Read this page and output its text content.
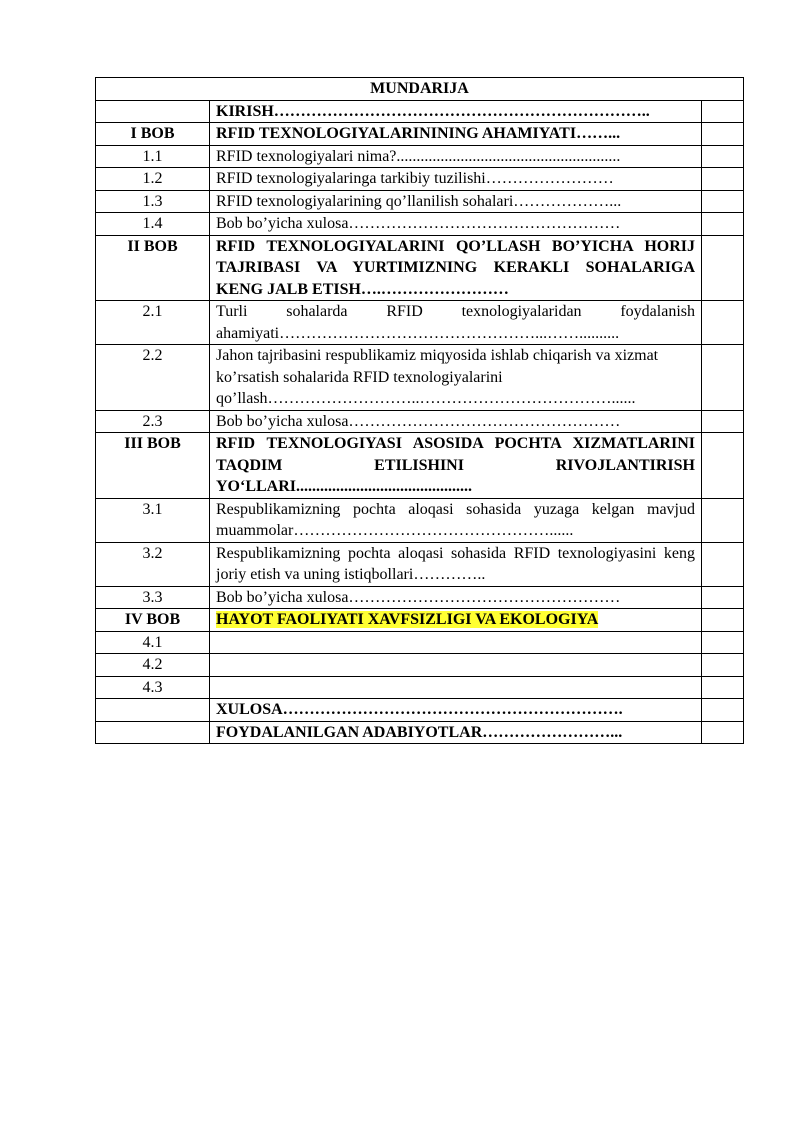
MUNDARIJA		
	KIRISH……………………………………………………………..	
I BOB	RFID TEXNOLOGIYALARININING AHAMIYATI……...	
1.1	RFID texnologiyalari nima?........................................................	
1.2	RFID texnologiyalaringa tarkibiy tuzilishi……………………	
1.3	RFID texnologiyalarining qo’llanilish sohalari………………...	
1.4	Bob bo’yicha xulosa……………………………………………	
II BOB	RFID TEXNOLOGIYALARINI QO’LLASH BO’YICHA HORIJ TAJRIBASI VA YURTIMIZNING KERAKLI SOHALARIGA KENG JALB ETISH….……………………	
2.1	Turli sohalarda RFID texnologiyalaridan foydalanish ahamiyati…………………………………………...……..........	
2.2	Jahon tajribasini respublikamiz miqyosida ishlab chiqarish va xizmat ko’rsatish sohalarida RFID texnologiyalarini qo’llash………………………..………………………………......	
2.3	Bob bo’yicha xulosa……………………………………………	
III BOB	RFID TEXNOLOGIYASI ASOSIDA POCHTA XIZMATLARINI TAQDIM ETILISHINI RIVOJLANTIRISH YO‘LLARI............................................	
3.1	Respublikamizning pochta aloqasi sohasida yuzaga kelgan mavjud muammolar…………………………………………......	
3.2	Respublikamizning pochta aloqasi sohasida RFID texnologiyasini keng joriy etish va uning istiqbollari…………..	
3.3	Bob bo’yicha xulosa……………………………………………	
IV BOB	HAYOT FAOLIYATI XAVFSIZLIGI VA EKOLOGIYA	
4.1		
4.2		
4.3		
	XULOSA……………………………………………………….	
	FOYDALANILGAN ADABIYOTLAR……………………...	
